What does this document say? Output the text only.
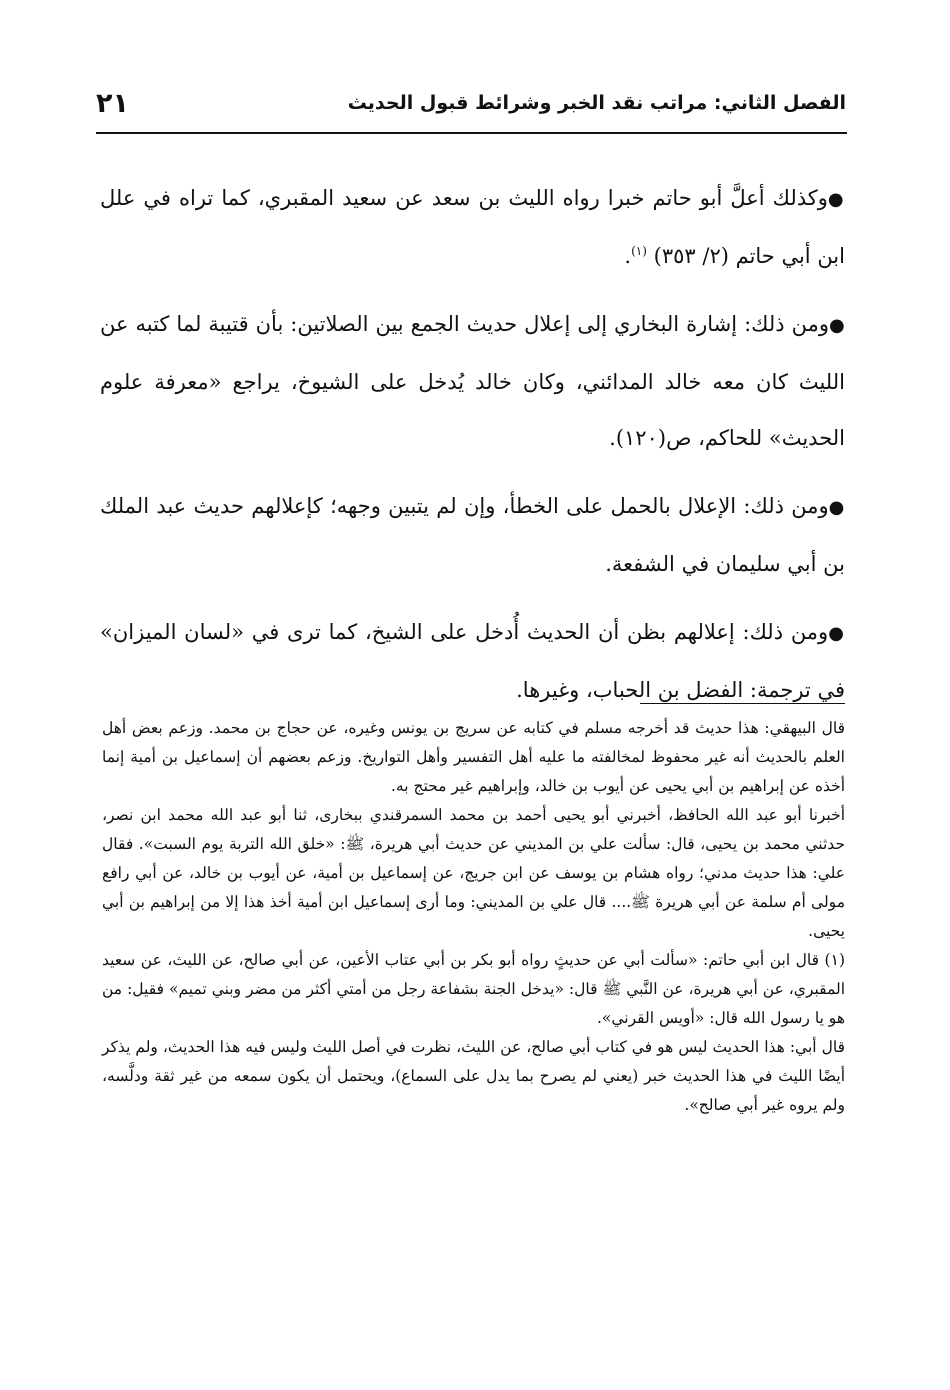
الفصل الثاني: مراتب نقد الخبر وشرائط قبول الحديث
٢١

●وكذلك أعلَّ أبو حاتم خبرا رواه الليث بن سعد عن سعيد المقبري، كما تراه في علل ابن أبي حاتم (٢/ ٣٥٣) $^{(١)}$.

●ومن ذلك: إشارة البخاري إلى إعلال حديث الجمع بين الصلاتين: بأن قتيبة لما كتبه عن الليث كان معه خالد المدائني، وكان خالد يُدخل على الشيوخ، يراجع «معرفة علوم الحديث» للحاكم، ص(١٢٠).

●ومن ذلك: الإعلال بالحمل على الخطأ، وإن لم يتبين وجهه؛ كإعلالهم حديث عبد الملك بن أبي سليمان في الشفعة.

●ومن ذلك: إعلالهم بظن أن الحديث أُدخل على الشيخ، كما ترى في «لسان الميزان» في ترجمة: الفضل بن الحباب، وغيرها.

قال البيهقي: هذا حديث قد أخرجه مسلم في كتابه عن سريج بن يونس وغيره، عن حجاج بن محمد. وزعم بعض أهل العلم بالحديث أنه غير محفوظ لمخالفته ما عليه أهل التفسير وأهل التواريخ. وزعم بعضهم أن إسماعيل بن أمية إنما أخذه عن إبراهيم بن أبي يحيى عن أيوب بن خالد، وإبراهيم غير محتج به.

أخبرنا أبو عبد الله الحافظ، أخبرني أبو يحيى أحمد بن محمد السمرقندي ببخارى، ثنا أبو عبد الله محمد ابن نصر، حدثني محمد بن يحيى، قال: سألت علي بن المديني عن حديث أبي هريرة، ﷺ: «خلق الله التربة يوم السبت». فقال علي: هذا حديث مدني؛ رواه هشام بن يوسف عن ابن جريج، عن إسماعيل بن أمية، عن أيوب بن خالد، عن أبي رافع مولى أم سلمة عن أبي هريرة ﷺ.... قال علي بن المديني: وما أرى إسماعيل ابن أمية أخذ هذا إلا من إبراهيم بن أبي يحيى.

(١) قال ابن أبي حاتم: «سألت أبي عن حديثٍ رواه أبو بكر بن أبي عتاب الأعين، عن أبي صالح، عن الليث، عن سعيد المقبري، عن أبي هريرة، عن النَّبي ﷺ قال: «يدخل الجنة بشفاعة رجل من أمتي أكثر من مضر وبني تميم» فقيل: من هو يا رسول الله قال: «أويس القرني».

قال أبي: هذا الحديث ليس هو في كتاب أبي صالح، عن الليث، نظرت في أصل الليث وليس فيه هذا الحديث، ولم يذكر أيضًا الليث في هذا الحديث خبر (يعني لم يصرح بما يدل على السماع)، ويحتمل أن يكون سمعه من غير ثقة ودلَّسه، ولم يروه غير أبي صالح».
